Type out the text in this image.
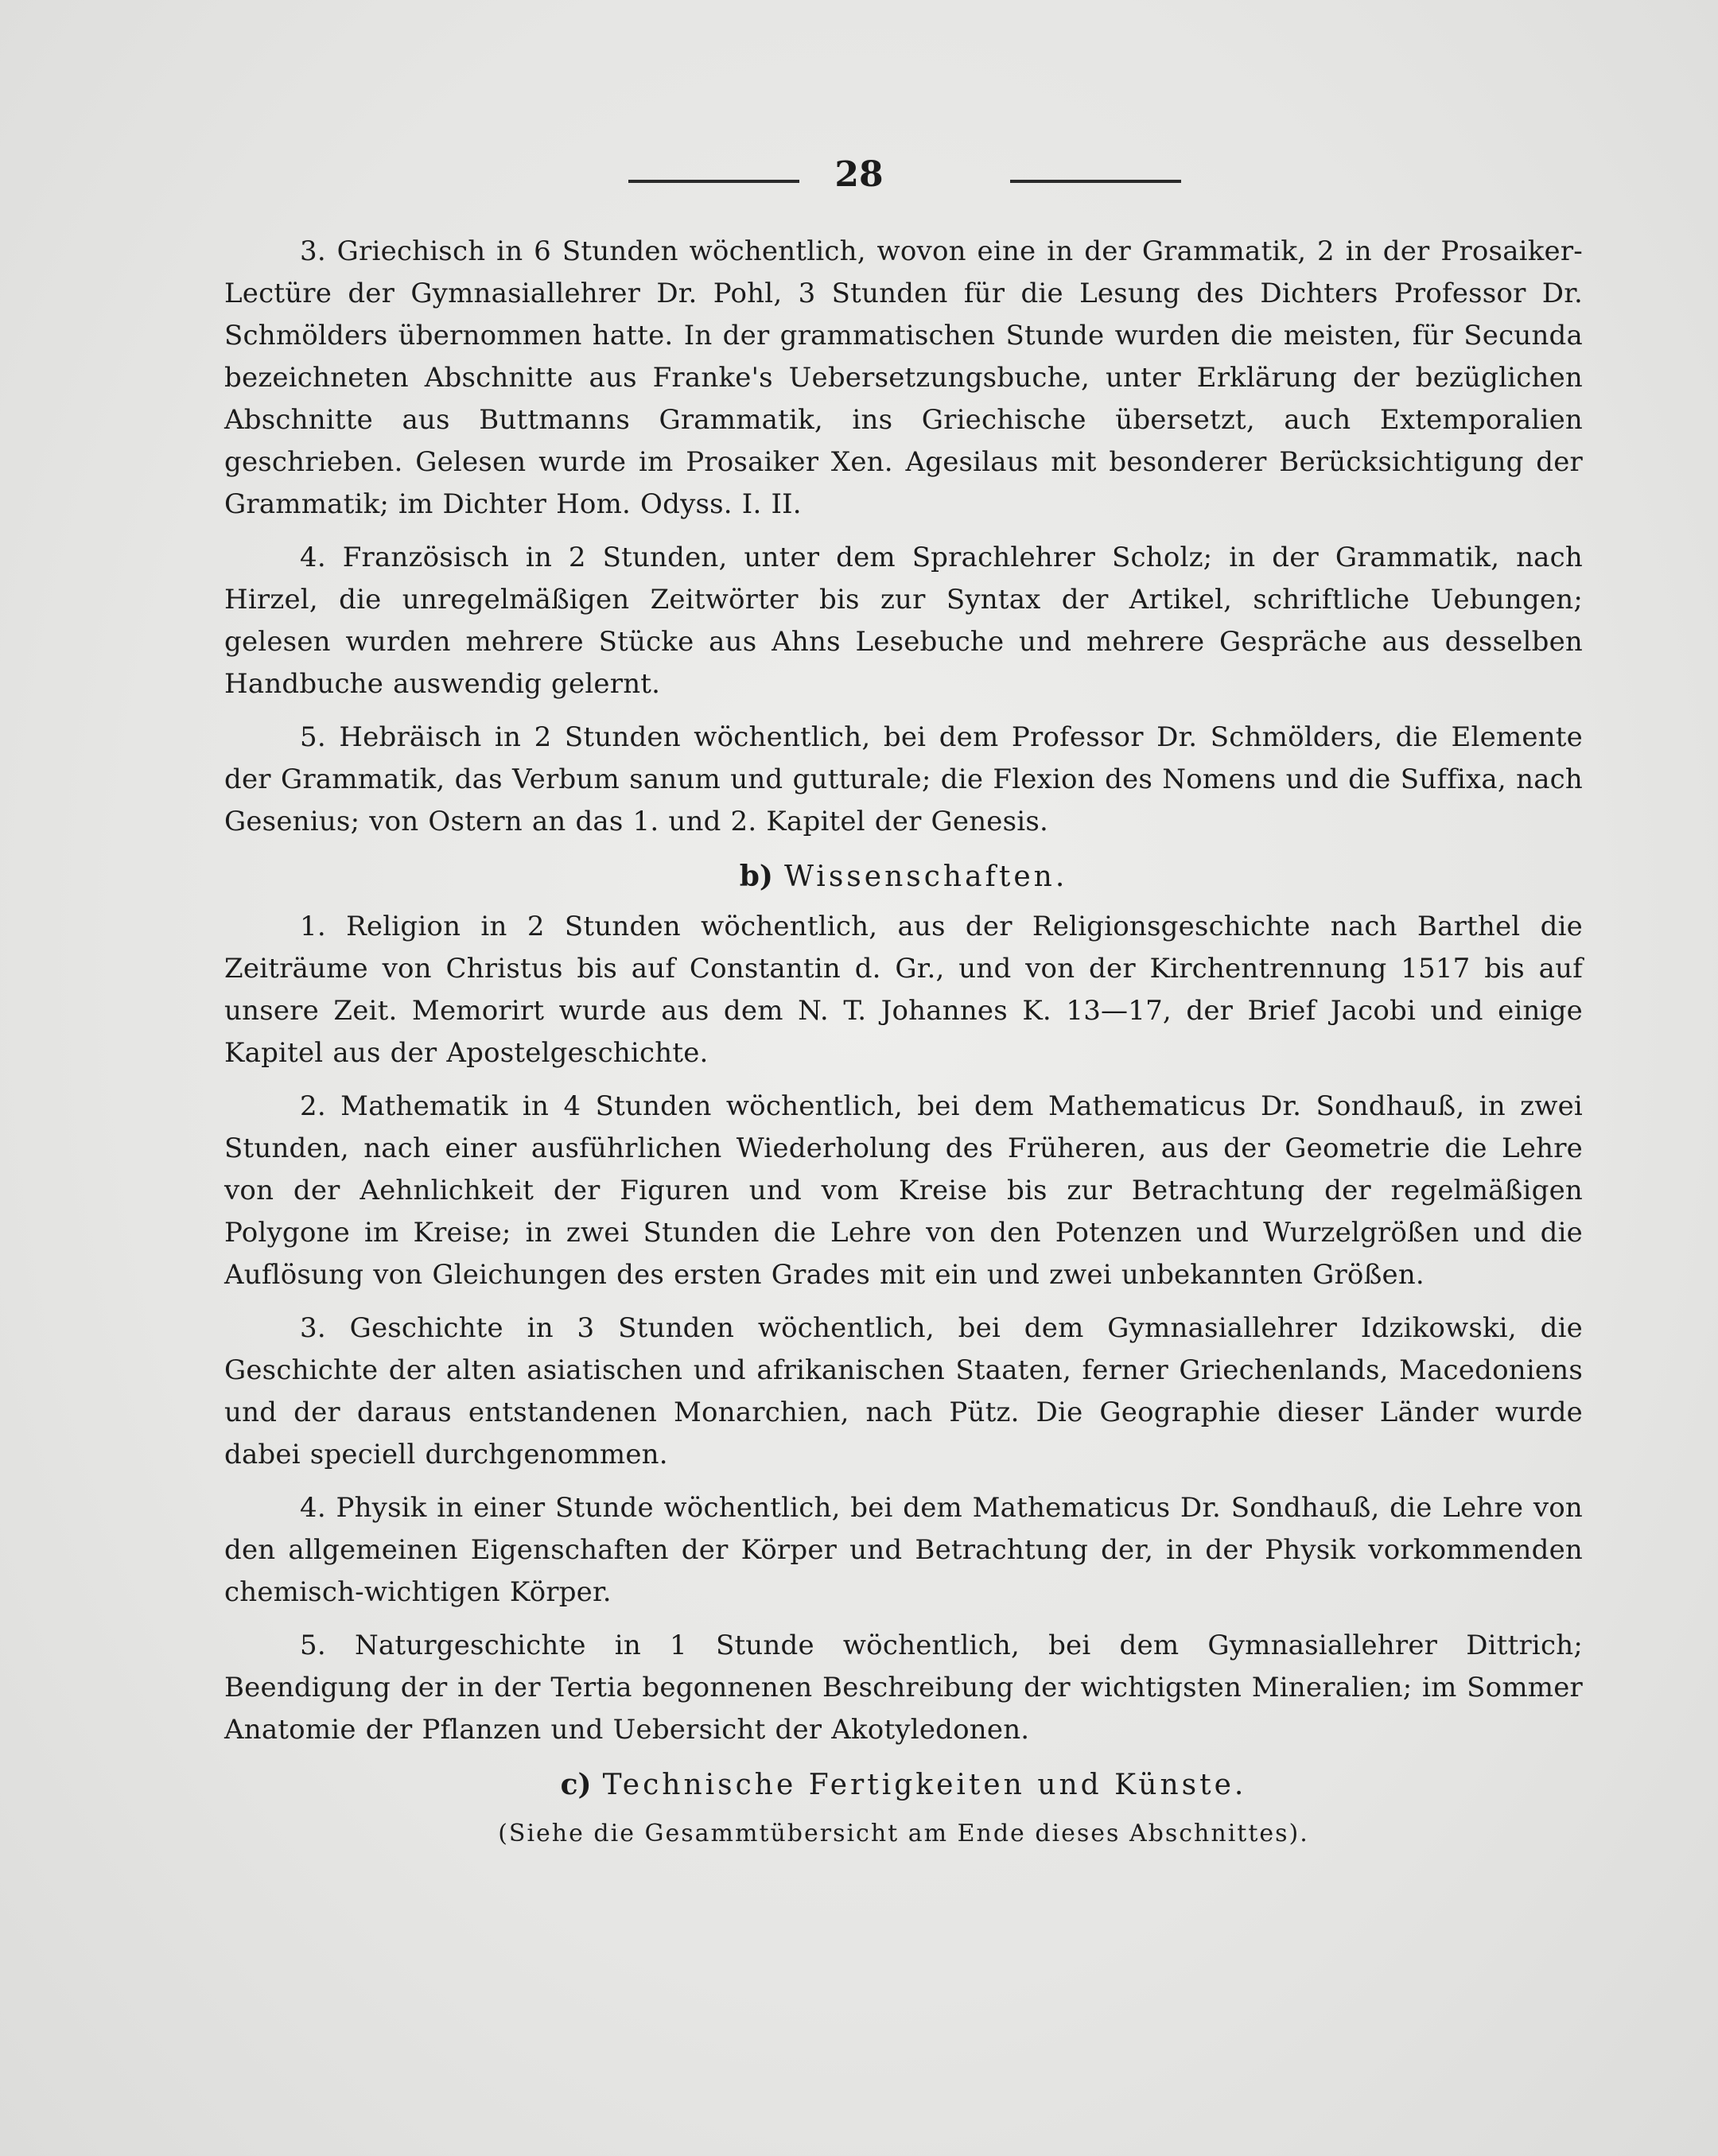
28

3. Griechisch in 6 Stunden wöchentlich, wovon eine in der Grammatik, 2 in der Prosaiker-Lectüre der Gymnasiallehrer Dr. Pohl, 3 Stunden für die Lesung des Dichters Professor Dr. Schmölders übernommen hatte. In der grammatischen Stunde wurden die meisten, für Secunda bezeichneten Abschnitte aus Franke's Uebersetzungsbuche, unter Erklärung der bezüglichen Abschnitte aus Buttmanns Grammatik, ins Griechische übersetzt, auch Extemporalien geschrieben. Gelesen wurde im Prosaiker Xen. Agesilaus mit besonderer Berücksichtigung der Grammatik; im Dichter Hom. Odyss. I. II.

4. Französisch in 2 Stunden, unter dem Sprachlehrer Scholz; in der Grammatik, nach Hirzel, die unregelmäßigen Zeitwörter bis zur Syntax der Artikel, schriftliche Uebungen; gelesen wurden mehrere Stücke aus Ahns Lesebuche und mehrere Gespräche aus desselben Handbuche auswendig gelernt.

5. Hebräisch in 2 Stunden wöchentlich, bei dem Professor Dr. Schmölders, die Elemente der Grammatik, das Verbum sanum und gutturale; die Flexion des Nomens und die Suffixa, nach Gesenius; von Ostern an das 1. und 2. Kapitel der Genesis.

b) Wissenschaften.

1. Religion in 2 Stunden wöchentlich, aus der Religionsgeschichte nach Barthel die Zeiträume von Christus bis auf Constantin d. Gr., und von der Kirchentrennung 1517 bis auf unsere Zeit. Memorirt wurde aus dem N. T. Johannes K. 13—17, der Brief Jacobi und einige Kapitel aus der Apostelgeschichte.

2. Mathematik in 4 Stunden wöchentlich, bei dem Mathematicus Dr. Sondhauß, in zwei Stunden, nach einer ausführlichen Wiederholung des Früheren, aus der Geometrie die Lehre von der Aehnlichkeit der Figuren und vom Kreise bis zur Betrachtung der regelmäßigen Polygone im Kreise; in zwei Stunden die Lehre von den Potenzen und Wurzelgrößen und die Auflösung von Gleichungen des ersten Grades mit ein und zwei unbekannten Größen.

3. Geschichte in 3 Stunden wöchentlich, bei dem Gymnasiallehrer Idzikowski, die Geschichte der alten asiatischen und afrikanischen Staaten, ferner Griechenlands, Macedoniens und der daraus entstandenen Monarchien, nach Pütz. Die Geographie dieser Länder wurde dabei speciell durchgenommen.

4. Physik in einer Stunde wöchentlich, bei dem Mathematicus Dr. Sondhauß, die Lehre von den allgemeinen Eigenschaften der Körper und Betrachtung der, in der Physik vorkommenden chemisch-wichtigen Körper.

5. Naturgeschichte in 1 Stunde wöchentlich, bei dem Gymnasiallehrer Dittrich; Beendigung der in der Tertia begonnenen Beschreibung der wichtigsten Mineralien; im Sommer Anatomie der Pflanzen und Uebersicht der Akotyledonen.

c) Technische Fertigkeiten und Künste.
(Siehe die Gesammtübersicht am Ende dieses Abschnittes).
